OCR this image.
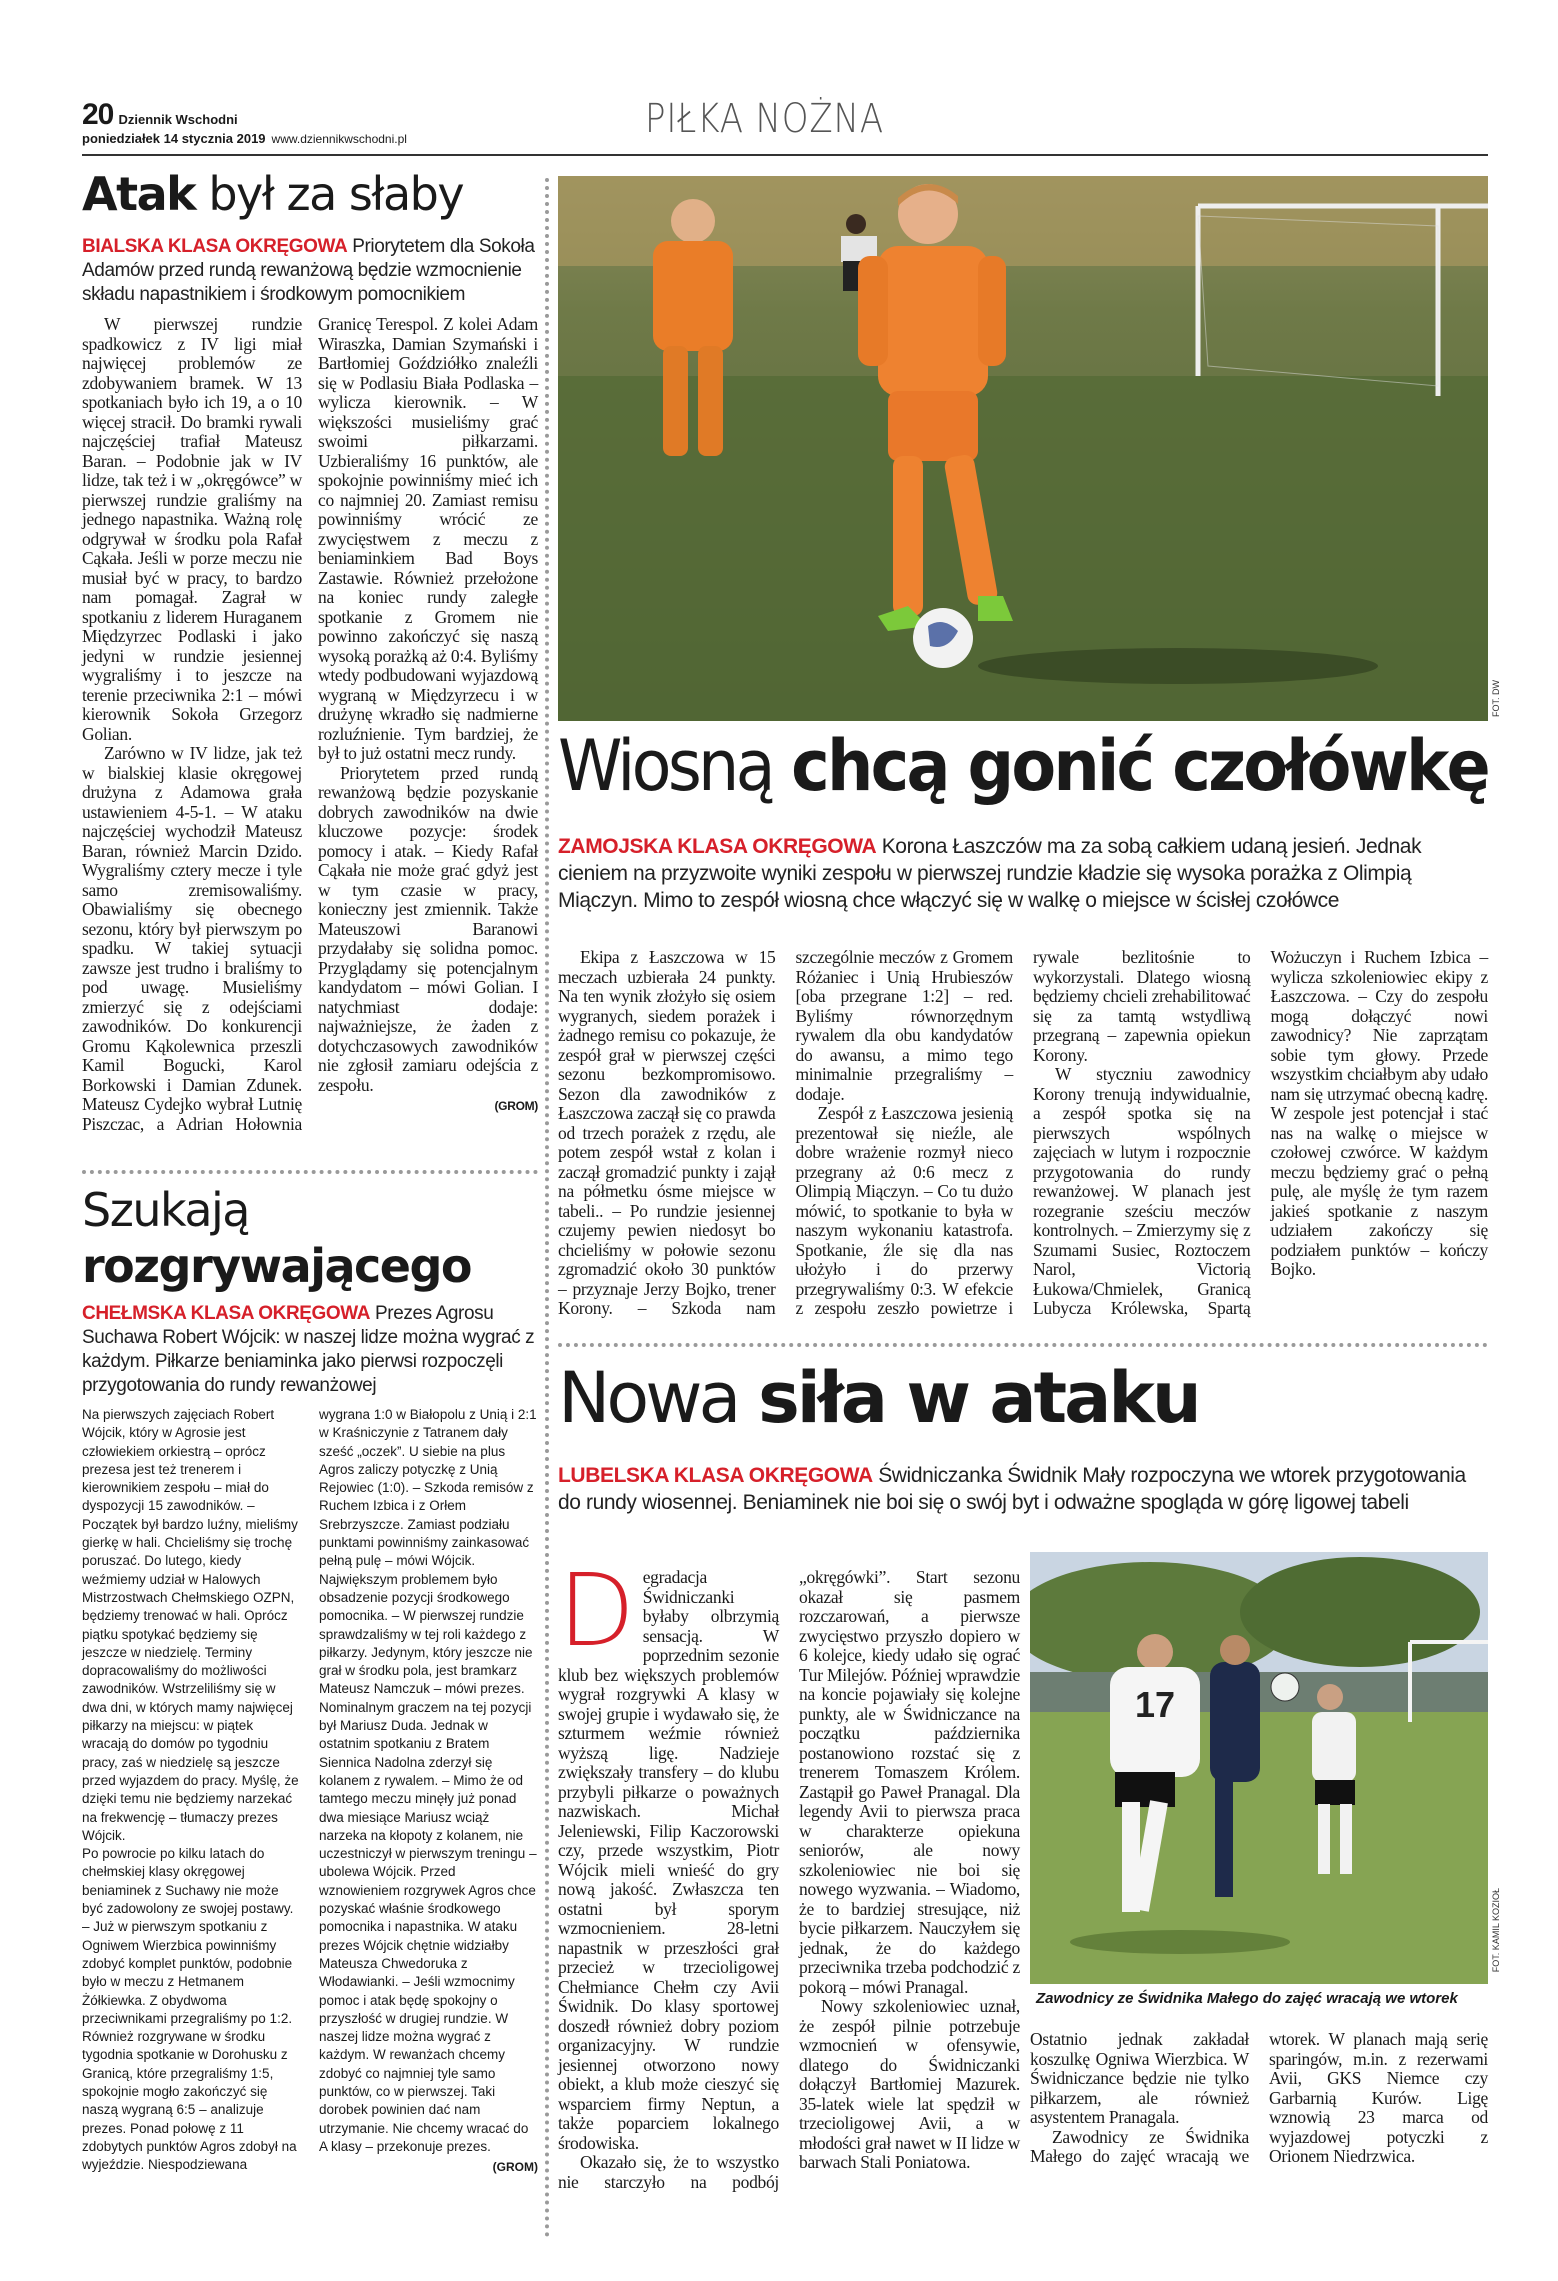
20 Dziennik Wschodni
poniedziałek 14 stycznia 2019 www.dziennikwschodni.pl	PIŁKA NOŻNA
Atak był za słaby
BIALSKA KLASA OKRĘGOWA Priorytetem dla Sokoła Adamów przed rundą rewanżową będzie wzmocnienie składu napastnikiem i środkowym pomocnikiem

W pierwszej rundzie spadkowicz z IV ligi miał najwięcej problemów ze zdobywaniem bramek. W 13 spotkaniach było ich 19, a o 10 więcej stracił. Do bramki rywali najczęściej trafiał Mateusz Baran. – Podobnie jak w IV lidze, tak też i w „okręgówce” w pierwszej rundzie graliśmy na jednego napastnika. Ważną rolę odgrywał w środku pola Rafał Cąkała. Jeśli w porze meczu nie musiał być w pracy, to bardzo nam pomagał. Zagrał w spotkaniu z liderem Huraganem Międzyrzec Podlaski i jako jedyni w rundzie jesiennej wygraliśmy i to jeszcze na terenie przeciwnika 2:1 – mówi kierownik Sokoła Grzegorz Golian.

Zarówno w IV lidze, jak też w bialskiej klasie okręgowej drużyna z Adamowa grała ustawieniem 4-5-1. – W ataku najczęściej wychodził Mateusz Baran, również Marcin Dzido. Wygraliśmy cztery mecze i tyle samo zremisowaliśmy. Obawialiśmy się obecnego sezonu, który był pierwszym po spadku. W takiej sytuacji zawsze jest trudno i braliśmy to pod uwagę. Musieliśmy zmierzyć się z odejściami zawodników. Do konkurencji Gromu Kąkolewnica przeszli Kamil Bogucki, Karol Borkowski i Damian Zdunek. Mateusz Cydejko wybrał Lutnię Piszczac, a Adrian Hołownia Granicę Terespol. Z kolei Adam Wiraszka, Damian Szymański i Bartłomiej Goździółko znaleźli się w Podlasiu Biała Podlaska – wylicza kierownik. – W większości musieliśmy grać swoimi piłkarzami. Uzbieraliśmy 16 punktów, ale spokojnie powinniśmy mieć ich co najmniej 20. Zamiast remisu powinniśmy wrócić ze zwycięstwem z meczu z beniaminkiem Bad Boys Zastawie. Również przełożone na koniec rundy zaległe spotkanie z Gromem nie powinno zakończyć się naszą wysoką porażką aż 0:4. Byliśmy wtedy podbudowani wyjazdową wygraną w Międzyrzecu i w drużynę wkradło się nadmierne rozluźnienie. Tym bardziej, że był to już ostatni mecz rundy.

Priorytetem przed rundą rewanżową będzie pozyskanie dobrych zawodników na dwie kluczowe pozycje: środek pomocy i atak. – Kiedy Rafał Cąkała nie może grać gdyż jest w tym czasie w pracy, konieczny jest zmiennik. Także Mateuszowi Baranowi przydałaby się solidna pomoc. Przyglądamy się potencjalnym kandydatom – mówi Golian. I natychmiast dodaje: najważniejsze, że żaden z dotychczasowych zawodników nie zgłosił zamiaru odejścia z zespołu.

(GROM)

Szukają
rozgrywającego
CHEŁMSKA KLASA OKRĘGOWA Prezes Agrosu Suchawa Robert Wójcik: w naszej lidze można wygrać z każdym. Piłkarze beniaminka jako pierwsi rozpoczęli przygotowania do rundy rewanżowej

Na pierwszych zajęciach Robert Wójcik, który w Agrosie jest człowiekiem orkiestrą – oprócz prezesa jest też trenerem i kierownikiem zespołu – miał do dyspozycji 15 zawodników. – Początek był bardzo luźny, mieliśmy gierkę w hali. Chcieliśmy się trochę poruszać. Do lutego, kiedy weźmiemy udział w Halowych Mistrzostwach Chełmskiego OZPN, będziemy trenować w hali. Oprócz piątku spotykać będziemy się jeszcze w niedzielę. Terminy dopracowaliśmy do możliwości zawodników. Wstrzeliliśmy się w dwa dni, w których mamy najwięcej piłkarzy na miejscu: w piątek wracają do domów po tygodniu pracy, zaś w niedzielę są jeszcze przed wyjazdem do pracy. Myślę, że dzięki temu nie będziemy narzekać na frekwencję – tłumaczy prezes Wójcik.

Po powrocie po kilku latach do chełmskiej klasy okręgowej beniaminek z Suchawy nie może być zadowolony ze swojej postawy. – Już w pierwszym spotkaniu z Ogniwem Wierzbica powinniśmy zdobyć komplet punktów, podobnie było w meczu z Hetmanem Żółkiewka. Z obydwoma przeciwnikami przegraliśmy po 1:2. Również rozgrywane w środku tygodnia spotkanie w Dorohusku z Granicą, które przegraliśmy 1:5, spokojnie mogło zakończyć się naszą wygraną 6:5 – analizuje prezes. Ponad połowę z 11 zdobytych punktów Agros zdobył na wyjeździe. Niespodziewana wygrana 1:0 w Białopolu z Unią i 2:1 w Kraśniczynie z Tatranem dały sześć „oczek”. U siebie na plus Agros zaliczy potyczkę z Unią Rejowiec (1:0). – Szkoda remisów z Ruchem Izbica i z Orłem Srebrzyszcze. Zamiast podziału punktami powinniśmy zainkasować pełną pulę – mówi Wójcik.

Największym problemem było obsadzenie pozycji środkowego pomocnika. – W pierwszej rundzie sprawdzaliśmy w tej roli każdego z piłkarzy. Jedynym, który jeszcze nie grał w środku pola, jest bramkarz Mateusz Namczuk – mówi prezes. Nominalnym graczem na tej pozycji był Mariusz Duda. Jednak w ostatnim spotkaniu z Bratem Siennica Nadolna zderzył się kolanem z rywalem. – Mimo że od tamtego meczu minęły już ponad dwa miesiące Mariusz wciąż narzeka na kłopoty z kolanem, nie uczestniczył w pierwszym treningu – ubolewa Wójcik. Przed wznowieniem rozgrywek Agros chce pozyskać właśnie środkowego pomocnika i napastnika. W ataku prezes Wójcik chętnie widziałby Mateusza Chwedoruka z Włodawianki. – Jeśli wzmocnimy pomoc i atak będę spokojny o przyszłość w drugiej rundzie. W naszej lidze można wygrać z każdym. W rewanżach chcemy zdobyć co najmniej tyle samo punktów, co w pierwszej. Taki dorobek powinien dać nam utrzymanie. Nie chcemy wracać do A klasy – przekonuje prezes.

(GROM)

FOT. DW
Wiosną chcą gonić czołówkę
ZAMOJSKA KLASA OKRĘGOWA Korona Łaszczów ma za sobą całkiem udaną jesień. Jednak cieniem na przyzwoite wyniki zespołu w pierwszej rundzie kładzie się wysoka porażka z Olimpią Miączyn. Mimo to zespół wiosną chce włączyć się w walkę o miejsce w ścisłej czołówce

Ekipa z Łaszczowa w 15 meczach uzbierała 24 punkty. Na ten wynik złożyło się osiem wygranych, siedem porażek i żadnego remisu co pokazuje, że zespół grał w pierwszej części sezonu bezkompromisowo. Sezon dla zawodników z Łaszczowa zaczął się co prawda od trzech porażek z rzędu, ale potem zespół wstał z kolan i zaczął gromadzić punkty i zajął na półmetku ósme miejsce w tabeli.. – Po rundzie jesiennej czujemy pewien niedosyt bo chcieliśmy w połowie sezonu zgromadzić około 30 punktów – przyznaje Jerzy Bojko, trener Korony. – Szkoda nam szczególnie meczów z Gromem Różaniec i Unią Hrubieszów [oba przegrane 1:2] – red. Byliśmy równorzędnym rywalem dla obu kandydatów do awansu, a mimo tego minimalnie przegraliśmy – dodaje.

Zespół z Łaszczowa jesienią prezentował się nieźle, ale dobre wrażenie rozmył nieco przegrany aż 0:6 mecz z Olimpią Miączyn. – Co tu dużo mówić, to spotkanie to była w naszym wykonaniu katastrofa. Spotkanie, źle się dla nas ułożyło i do przerwy przegrywaliśmy 0:3. W efekcie z zespołu zeszło powietrze i rywale bezlitośnie to wykorzystali. Dlatego wiosną będziemy chcieli zrehabilitować się za tamtą wstydliwą przegraną – zapewnia opiekun Korony.

W styczniu zawodnicy Korony trenują indywidualnie, a zespół spotka się na pierwszych wspólnych zajęciach w lutym i rozpocznie przygotowania do rundy rewanżowej. W planach jest rozegranie sześciu meczów kontrolnych. – Zmierzymy się z Szumami Susiec, Roztoczem Narol, Victorią Łukowa/Chmielek, Granicą Lubycza Królewska, Spartą Wożuczyn i Ruchem Izbica – wylicza szkoleniowiec ekipy z Łaszczowa. – Czy do zespołu mogą dołączyć nowi zawodnicy? Nie zaprzątam sobie tym głowy. Przede wszystkim chciałbym aby udało nam się utrzymać obecną kadrę. W zespole jest potencjał i stać nas na walkę o miejsce w czołowej czwórce. W każdym meczu będziemy grać o pełną pulę, ale myślę że tym razem jakieś spotkanie z naszym udziałem zakończy się podziałem punktów – kończy Bojko.

Nowa siła w ataku
LUBELSKA KLASA OKRĘGOWA Świdniczanka Świdnik Mały rozpoczyna we wtorek przygotowania do rundy wiosennej. Beniaminek nie boi się o swój byt i odważne spogląda w górę ligowej tabeli

Degradacja Świdniczanki byłaby olbrzymią sensacją. W poprzednim sezonie klub bez większych problemów wygrał rozgrywki A klasy w swojej grupie i wydawało się, że szturmem weźmie również wyższą ligę. Nadzieje zwiększały transfery – do klubu przybyli piłkarze o poważnych nazwiskach. Michał Jeleniewski, Filip Kaczorowski czy, przede wszystkim, Piotr Wójcik mieli wnieść do gry nową jakość. Zwłaszcza ten ostatni był sporym wzmocnieniem. 28-letni napastnik w przeszłości grał przecież w trzecioligowej Chełmiance Chełm czy Avii Świdnik. Do klasy sportowej doszedł również dobry poziom organizacyjny. W rundzie jesiennej otworzono nowy obiekt, a klub może cieszyć się wsparciem firmy Neptun, a także poparciem lokalnego środowiska.

Okazało się, że to wszystko nie starczyło na podbój „okręgówki”. Start sezonu okazał się pasmem rozczarowań, a pierwsze zwycięstwo przyszło dopiero w 6 kolejce, kiedy udało się ograć Tur Milejów. Później wprawdzie na koncie pojawiały się kolejne punkty, ale w Świdniczance na początku października postanowiono rozstać się z trenerem Tomaszem Królem. Zastąpił go Paweł Pranagal. Dla legendy Avii to pierwsza praca w charakterze opiekuna seniorów, ale nowy szkoleniowiec nie boi się nowego wyzwania. – Wiadomo, że to bardziej stresujące, niż bycie piłkarzem. Nauczyłem się jednak, że do każdego przeciwnika trzeba podchodzić z pokorą – mówi Pranagal.

Nowy szkoleniowiec uznał, że zespół pilnie potrzebuje wzmocnień w ofensywie, dlatego do Świdniczanki dołączył Bartłomiej Mazurek. 35-latek wiele lat spędził w trzecioligowej Avii, a w młodości grał nawet w II lidze w barwach Stali Poniatowa.

17
FOT. KAMIL KOZIOŁ
Zawodnicy ze Świdnika Małego do zajęć wracają we wtorek

Ostatnio jednak zakładał koszulkę Ogniwa Wierzbica. W Świdniczance będzie nie tylko piłkarzem, ale również asystentem Pranagala.

Zawodnicy ze Świdnika Małego do zajęć wracają we wtorek. W planach mają serię sparingów, m.in. z rezerwami Avii, GKS Niemce czy Garbarnią Kurów. Ligę wznowią 23 marca od wyjazdowej potyczki z Orionem Niedrzwica.
